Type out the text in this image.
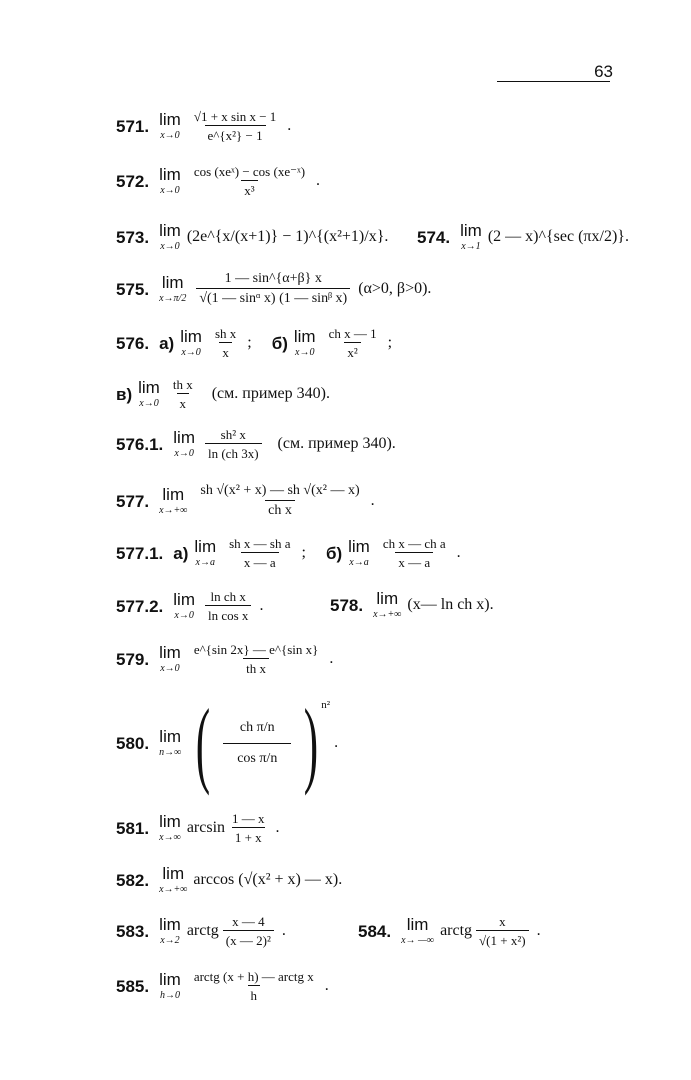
63
571. lim
$x\to 0 \frac{\text{√1 + x sin x − 1}}{\text{e\textasciicircum{}\{x²\} − 1}}$ .
572. lim
$x\to 0 \frac{\text{cos (xeˣ) − cos (xe⁻ˣ)}}{\text{x³}}$ .
573. lim
x→0
(2e^{x/(x+1)} − 1)^{(x²+1)/x}. 574. lim
x→1
(2 — x)^{sec (πx/2)}.
575. lim
$x\to\pi/2 \frac{1 — \sin\^{}\{\alpha+\beta\} x}{\text{√(1 — sinᵅ x) (1 — sinᵝ x)}} (\alpha>0$, β>0).
576. а) lim
$x\to 0 \frac{\text{sh x}}{x}$ ; б) lim
$x\to 0 \frac{\text{ch x — 1}}{\text{x²}}$ ;
в) lim
$x\to 0 \frac{\text{th x}}{x} (см$. пример 340).
576.1. lim
$x\to 0 \frac{\text{sh² x}}{\ln (ch 3x)} (см$. пример 340).
577. lim
$x\to+\infty \frac{\text{sh √(x² + x) — sh √(x² — x)}}{\text{ch x}}$ .
577.1. а) lim
$x\to a \frac{\text{sh x — sh a}}{x — a}$ ; б) lim
$x\to a \frac{\text{ch x — ch a}}{x — a}$ .
577.2. lim
$x\to 0 \frac{\text{ln ch x}}{\text{ln cos x}}$ .	578. lim
x→+∞
(x— ln ch x).
579. lim
$x\to 0 \frac{\text{e\textasciicircum{}\{sin 2x\} — e\textasciicircum{}\{sin x\}}}{\text{th x}}$ .
580. lim
n→∞ ( $\frac{\text{ch π/n}}{\text{cos π/n}}$ ) n²
.
581. lim
x→∞
$\arcsin \frac{1 — x}{1 + x}$ .
582. lim
x→+∞
arccos (√(x² + x) — x).
583. lim
x→2
arctg $\frac{x — 4}{\text{(x — 2)²}}$ .	584. lim
x→ —∞
arctg $\frac{x}{\text{√(1 + x²)}}$ .
585. lim
$h\to 0 \frac{\text{arctg (x + h) — arctg x}}{h}$ .
